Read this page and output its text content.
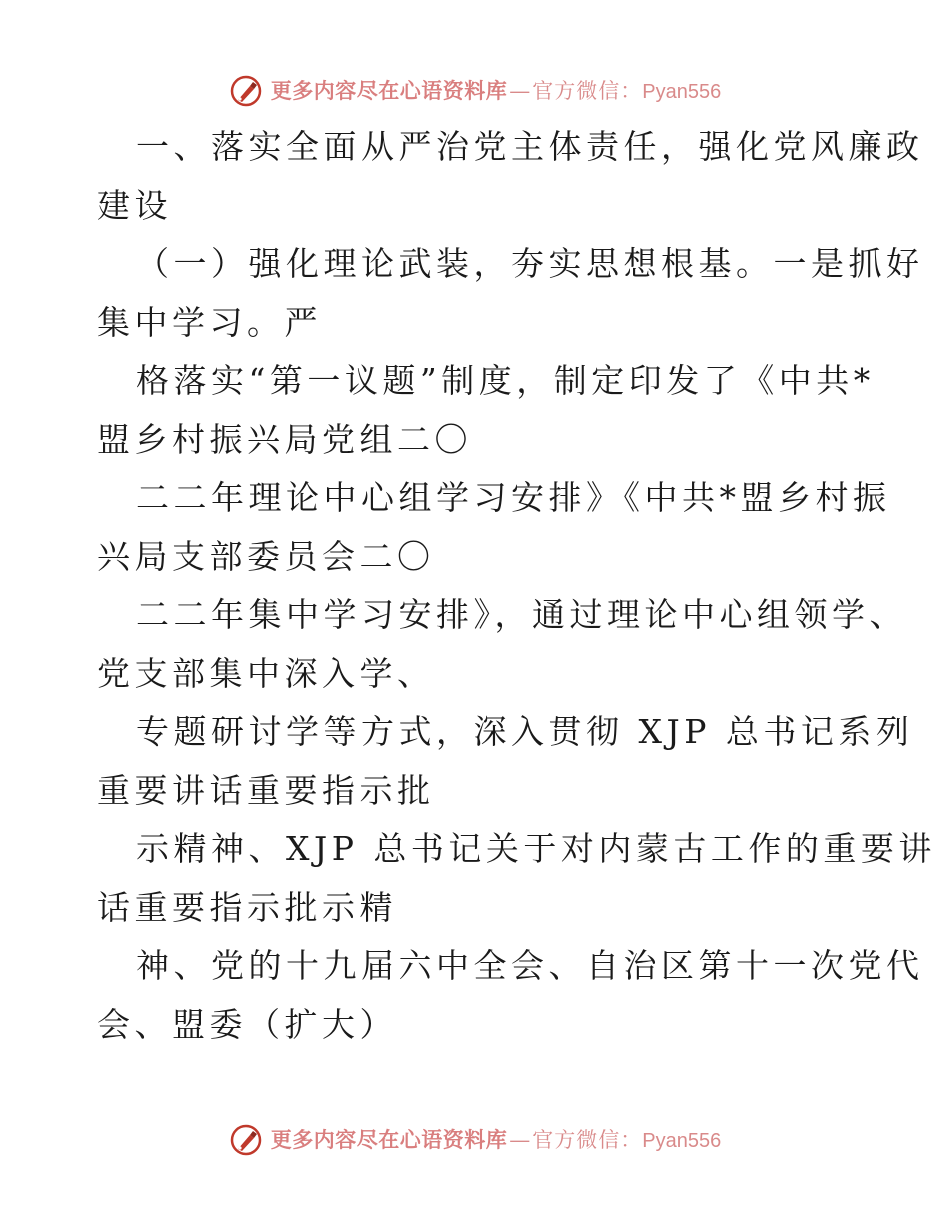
更多内容尽在心语资料库 — 官方微信： Pyan556
一、落实全面从严治党主体责任，强化党风廉政
建设
（一）强化理论武装，夯实思想根基。一是抓好
集中学习。严
格落实“第一议题”制度，制定印发了《中共*
盟乡村振兴局党组二〇
二二年理论中心组学习安排》《中共*盟乡村振
兴局支部委员会二〇
二二年集中学习安排》，通过理论中心组领学、
党支部集中深入学、
专题研讨学等方式，深入贯彻 XJP 总书记系列
重要讲话重要指示批
示精神、XJP 总书记关于对内蒙古工作的重要讲
话重要指示批示精
神、党的十九届六中全会、自治区第十一次党代
会、盟委（扩大）
更多内容尽在心语资料库 — 官方微信： Pyan556
